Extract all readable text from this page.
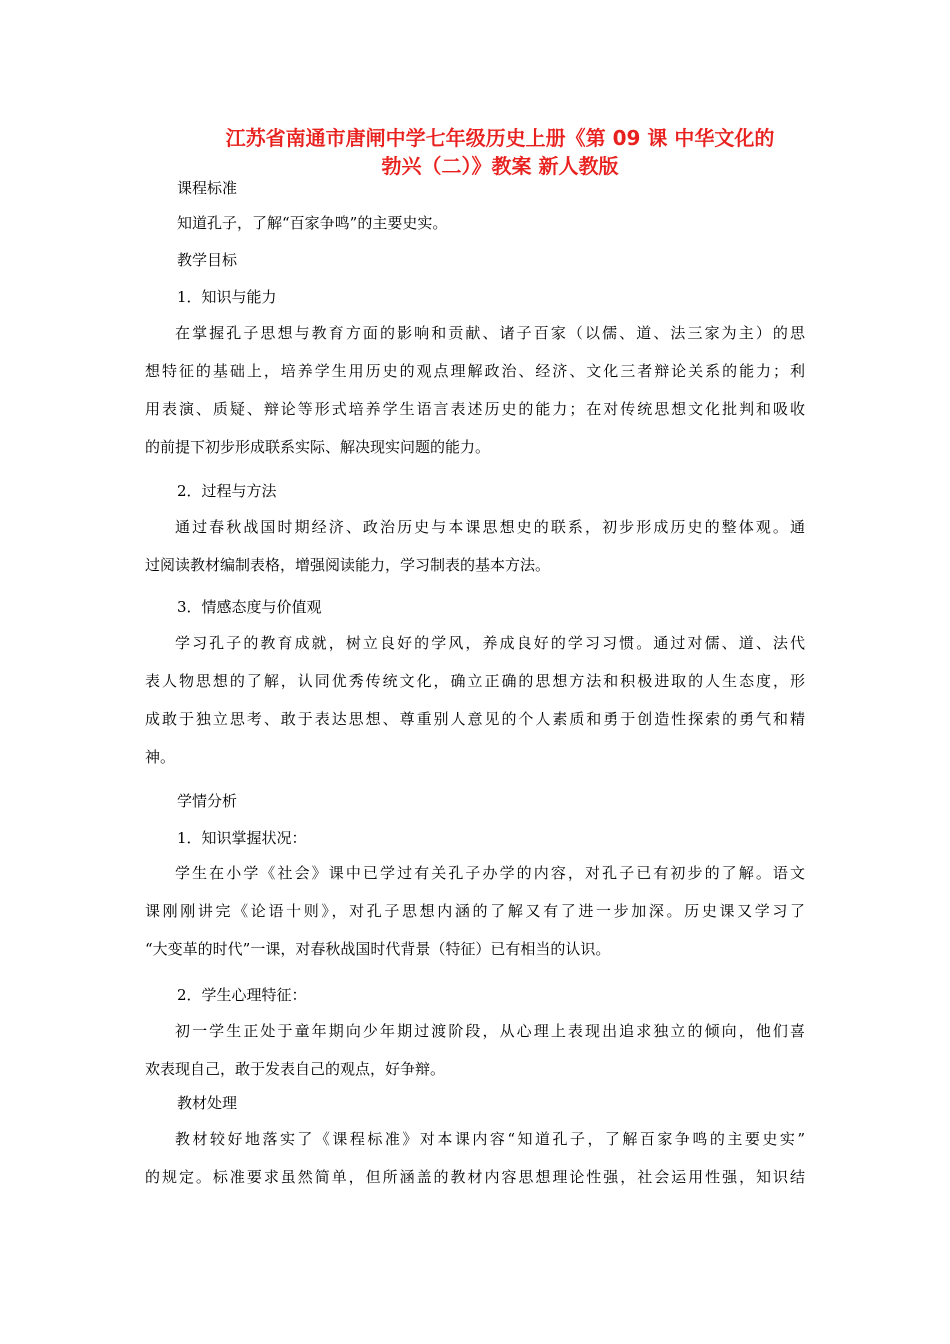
江苏省南通市唐闸中学七年级历史上册《第 09 课 中华文化的
勃兴（二）》教案 新人教版
课程标准
知道孔子，了解“百家争鸣”的主要史实。
教学目标
1．知识与能力
在掌握孔子思想与教育方面的影响和贡献、诸子百家（以儒、道、法三家为主）的思
想特征的基础上，培养学生用历史的观点理解政治、经济、文化三者辩论关系的能力；利
用表演、质疑、辩论等形式培养学生语言表述历史的能力；在对传统思想文化批判和吸收
的前提下初步形成联系实际、解决现实问题的能力。
2．过程与方法
通过春秋战国时期经济、政治历史与本课思想史的联系，初步形成历史的整体观。通
过阅读教材编制表格，增强阅读能力，学习制表的基本方法。
3．情感态度与价值观
学习孔子的教育成就，树立良好的学风，养成良好的学习习惯。通过对儒、道、法代
表人物思想的了解，认同优秀传统文化，确立正确的思想方法和积极进取的人生态度，形
成敢于独立思考、敢于表达思想、尊重别人意见的个人素质和勇于创造性探索的勇气和精
神。
学情分析
1．知识掌握状况：
学生在小学《社会》课中已学过有关孔子办学的内容，对孔子已有初步的了解。语文
课刚刚讲完《论语十则》，对孔子思想内涵的了解又有了进一步加深。历史课又学习了
“大变革的时代”一课，对春秋战国时代背景（特征）已有相当的认识。
2．学生心理特征：
初一学生正处于童年期向少年期过渡阶段，从心理上表现出追求独立的倾向，他们喜
欢表现自己，敢于发表自己的观点，好争辩。
教材处理
教材较好地落实了《课程标准》对本课内容“知道孔子，了解百家争鸣的主要史实”
的规定。标准要求虽然简单，但所涵盖的教材内容思想理论性强，社会运用性强，知识结
